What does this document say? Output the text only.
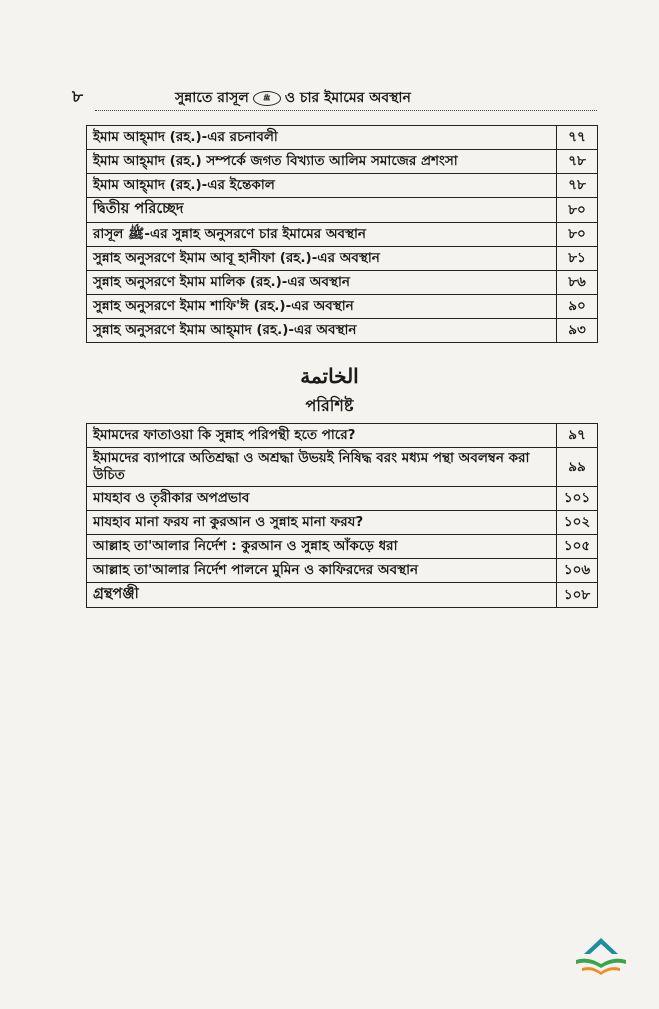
৮	সুন্নাতে রাসূল	ﷺ	ও চার ইমামের অবস্থান
ইমাম আহ্‌মাদ (রহ.)-এর রচনাবলী	৭৭
ইমাম আহ্‌মাদ (রহ.) সম্পর্কে জগত বিখ্যাত আলিম সমাজের প্রশংসা	৭৮
ইমাম আহ্‌মাদ (রহ.)-এর ইন্তেকাল	৭৮
দ্বিতীয় পরিচ্ছেদ	৮০
রাসূল ﷺ-এর সুন্নাহ অনুসরণে চার ইমামের অবস্থান	৮০
সুন্নাহ অনুসরণে ইমাম আবূ হানীফা (রহ.)-এর অবস্থান	৮১
সুন্নাহ অনুসরণে ইমাম মালিক (রহ.)-এর অবস্থান	৮৬
সুন্নাহ অনুসরণে ইমাম শাফি'ঈ (রহ.)-এর অবস্থান	৯০
সুন্নাহ অনুসরণে ইমাম আহ্‌মাদ (রহ.)-এর অবস্থান	৯৩
الخاتمة
পরিশিষ্ট
ইমামদের ফাতাওয়া কি সুন্নাহ পরিপন্থী হতে পারে?	৯৭
ইমামদের ব্যাপারে অতিশ্রদ্ধা ও অশ্রদ্ধা উভয়ই নিষিদ্ধ বরং মধ্যম পন্থা অবলম্বন করা উচিত	৯৯
মাযহাব ও তৃরীকার অপপ্রভাব	১০১
মাযহাব মানা ফরয না কুরআন ও সুন্নাহ মানা ফরয?	১০২
আল্লাহ তা'আলার নির্দেশ : কুরআন ও সুন্নাহ আঁকড়ে ধরা	১০৫
আল্লাহ তা'আলার নির্দেশ পালনে মুমিন ও কাফিরদের অবস্থান	১০৬
গ্রন্থপঞ্জী	১০৮
